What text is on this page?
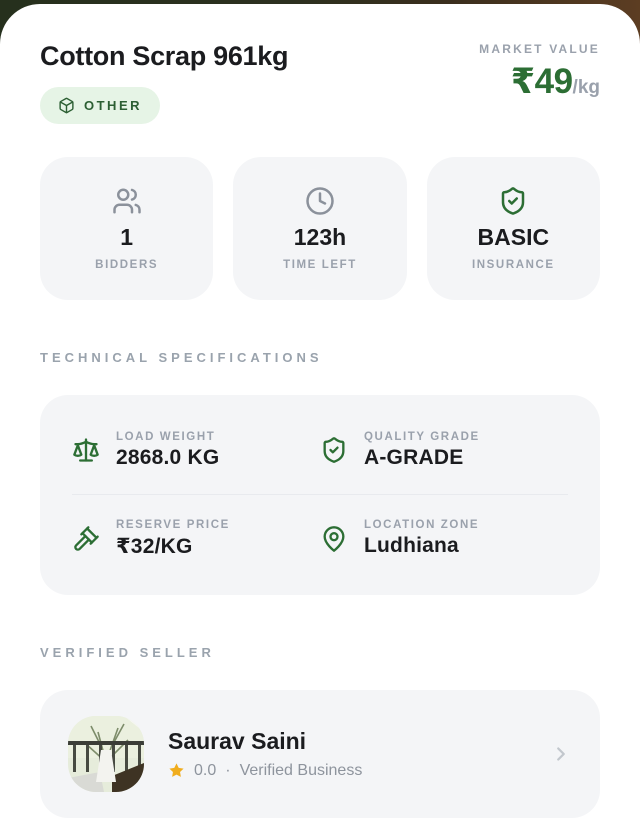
Cotton Scrap 961kg
OTHER
MARKET VALUE
₹49/kg
1
BIDDERS
123h
TIME LEFT
BASIC
INSURANCE
TECHNICAL SPECIFICATIONS
LOAD WEIGHT
2868.0 KG
QUALITY GRADE
A-GRADE
RESERVE PRICE
₹32/KG
LOCATION ZONE
Ludhiana
VERIFIED SELLER
Saurav Saini
0.0 · Verified Business
